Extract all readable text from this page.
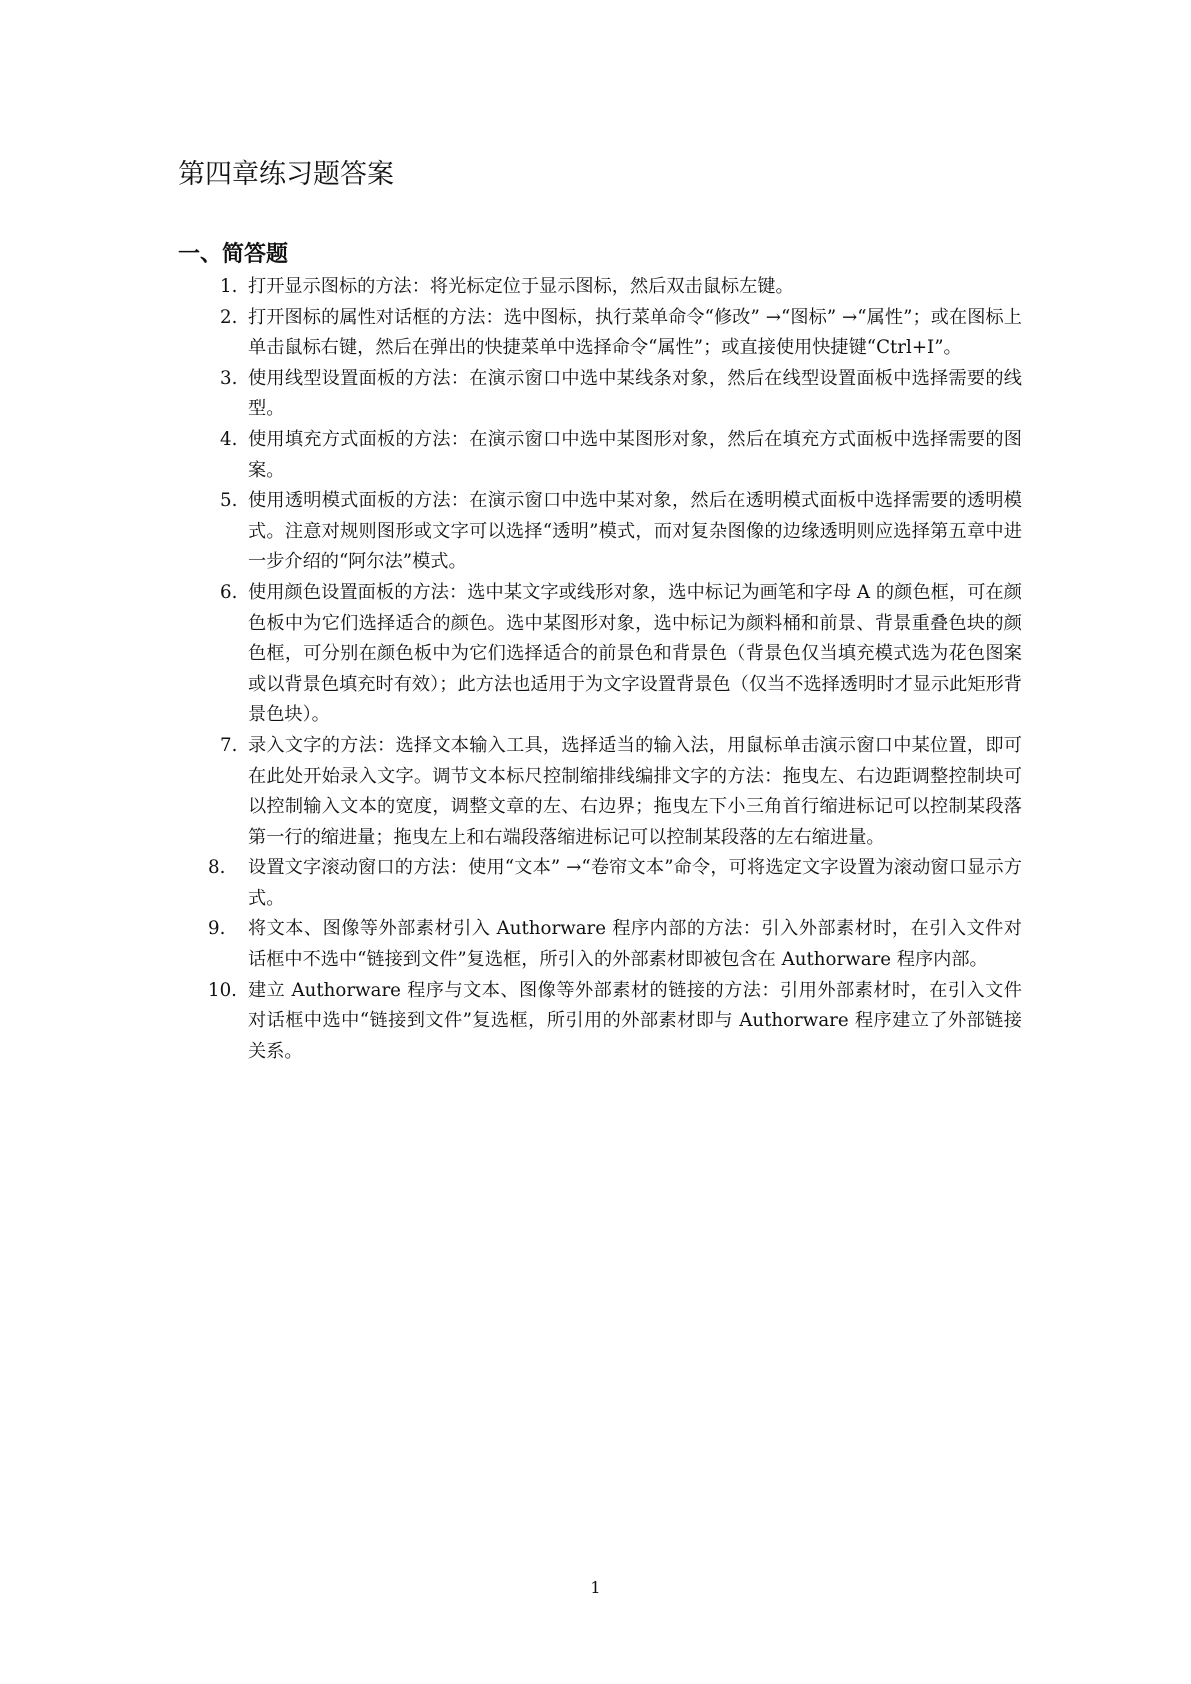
第四章练习题答案
一、简答题
1. 打开显示图标的方法：将光标定位于显示图标，然后双击鼠标左键。
2. 打开图标的属性对话框的方法：选中图标，执行菜单命令“修改” →“图标” →“属性”；或在图标上单击鼠标右键，然后在弹出的快捷菜单中选择命令“属性”；或直接使用快捷键“Ctrl+I”。
3. 使用线型设置面板的方法：在演示窗口中选中某线条对象，然后在线型设置面板中选择需要的线型。
4. 使用填充方式面板的方法：在演示窗口中选中某图形对象，然后在填充方式面板中选择需要的图案。
5. 使用透明模式面板的方法：在演示窗口中选中某对象，然后在透明模式面板中选择需要的透明模式。注意对规则图形或文字可以选择“透明”模式，而对复杂图像的边缘透明则应选择第五章中进一步介绍的“阿尔法”模式。
6. 使用颜色设置面板的方法：选中某文字或线形对象，选中标记为画笔和字母 A 的颜色框，可在颜色板中为它们选择适合的颜色。选中某图形对象，选中标记为颜料桶和前景、背景重叠色块的颜色框，可分别在颜色板中为它们选择适合的前景色和背景色（背景色仅当填充模式选为花色图案或以背景色填充时有效）；此方法也适用于为文字设置背景色（仅当不选择透明时才显示此矩形背景色块）。
7. 录入文字的方法：选择文本输入工具，选择适当的输入法，用鼠标单击演示窗口中某位置，即可在此处开始录入文字。调节文本标尺控制缩排线编排文字的方法：拖曳左、右边距调整控制块可以控制输入文本的宽度，调整文章的左、右边界；拖曳左下小三角首行缩进标记可以控制某段落第一行的缩进量；拖曳左上和右端段落缩进标记可以控制某段落的左右缩进量。
8. 设置文字滚动窗口的方法：使用“文本” →“卷帘文本”命令，可将选定文字设置为滚动窗口显示方式。
9. 将文本、图像等外部素材引入 Authorware 程序内部的方法：引入外部素材时，在引入文件对话框中不选中“链接到文件”复选框，所引入的外部素材即被包含在 Authorware 程序内部。
10. 建立 Authorware 程序与文本、图像等外部素材的链接的方法：引用外部素材时，在引入文件对话框中选中“链接到文件”复选框，所引用的外部素材即与 Authorware 程序建立了外部链接关系。
1
